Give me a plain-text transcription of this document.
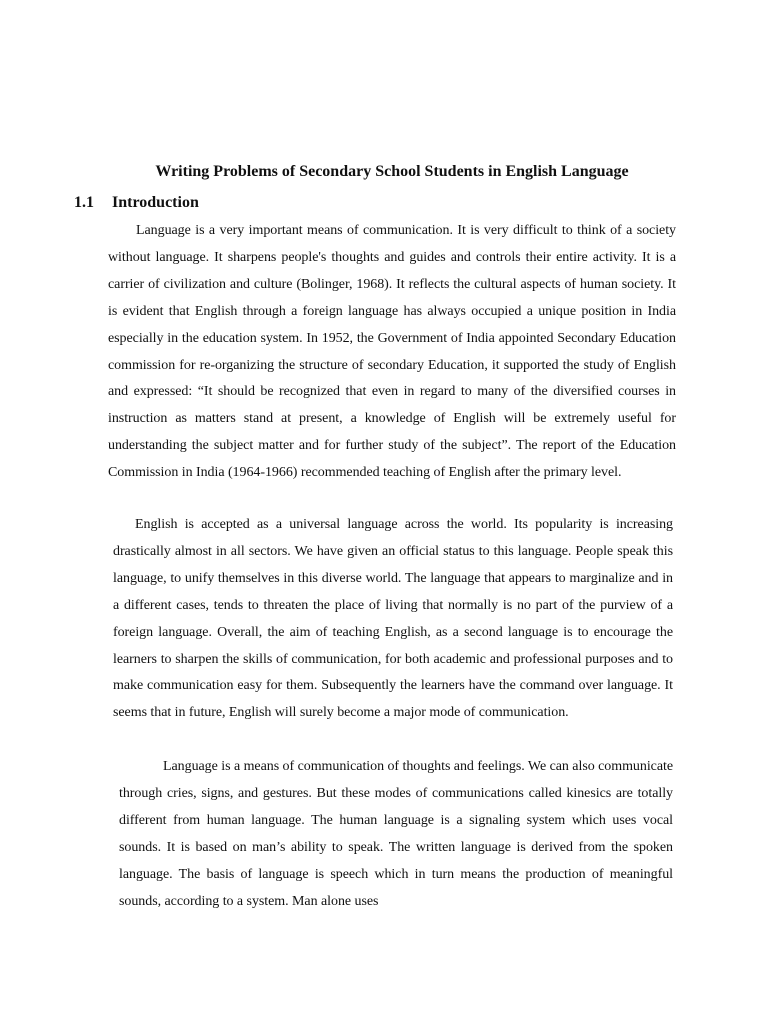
Writing Problems of Secondary School Students in English Language
1.1 Introduction

Language is a very important means of communication. It is very difficult to think of a society without language. It sharpens people's thoughts and guides and controls their entire activity. It is a carrier of civilization and culture (Bolinger, 1968). It reflects the cultural aspects of human society. It is evident that English through a foreign language has always occupied a unique position in India especially in the education system. In 1952, the Government of India appointed Secondary Education commission for re-organizing the structure of secondary Education, it supported the study of English and expressed: “It should be recognized that even in regard to many of the diversified courses in instruction as matters stand at present, a knowledge of English will be extremely useful for understanding the subject matter and for further study of the subject”. The report of the Education Commission in India (1964-1966) recommended teaching of English after the primary level.

English is accepted as a universal language across the world. Its popularity is increasing drastically almost in all sectors. We have given an official status to this language. People speak this language, to unify themselves in this diverse world. The language that appears to marginalize and in a different cases, tends to threaten the place of living that normally is no part of the purview of a foreign language. Overall, the aim of teaching English, as a second language is to encourage the learners to sharpen the skills of communication, for both academic and professional purposes and to make communication easy for them. Subsequently the learners have the command over language. It seems that in future, English will surely become a major mode of communication.

Language is a means of communication of thoughts and feelings. We can also communicate through cries, signs, and gestures. But these modes of communications called kinesics are totally different from human language. The human language is a signaling system which uses vocal sounds. It is based on man’s ability to speak. The written language is derived from the spoken language. The basis of language is speech which in turn means the production of meaningful sounds, according to a system. Man alone uses
